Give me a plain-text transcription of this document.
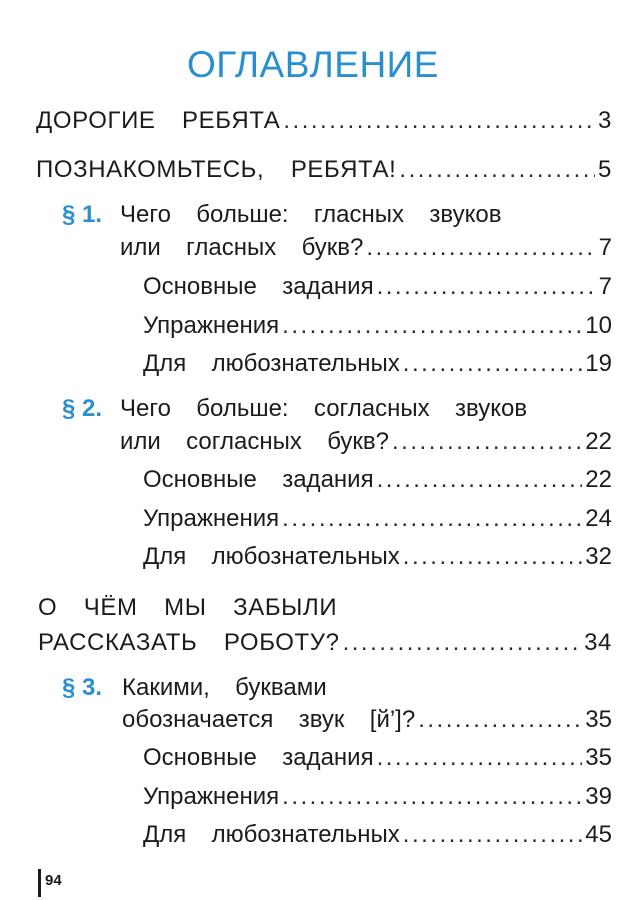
ОГЛАВЛЕНИЕ
ДОРОГИЕ  РЕБЯТА .....	3
ПОЗНАКОМЬТЕСЬ,  РЕБЯТА! .....	5
§ 1. Чего  больше:  гласных  звуков
или  гласных  букв? .....	7
Основные  задания .....	7
Упражнения .....	10
Для  любознательных .....	19
§ 2. Чего  больше:  согласных  звуков
или  согласных  букв? .....	22
Основные  задания .....	22
Упражнения .....	24
Для  любознательных .....	32
О  ЧЁМ  МЫ  ЗАБЫЛИ
РАССКАЗАТЬ  РОБОТУ? .....	34
§ 3. Какими,  буквами
обозначается  звук  [й’]? .....	35
Основные  задания .....	35
Упражнения .....	39
Для  любознательных .....	45
94
